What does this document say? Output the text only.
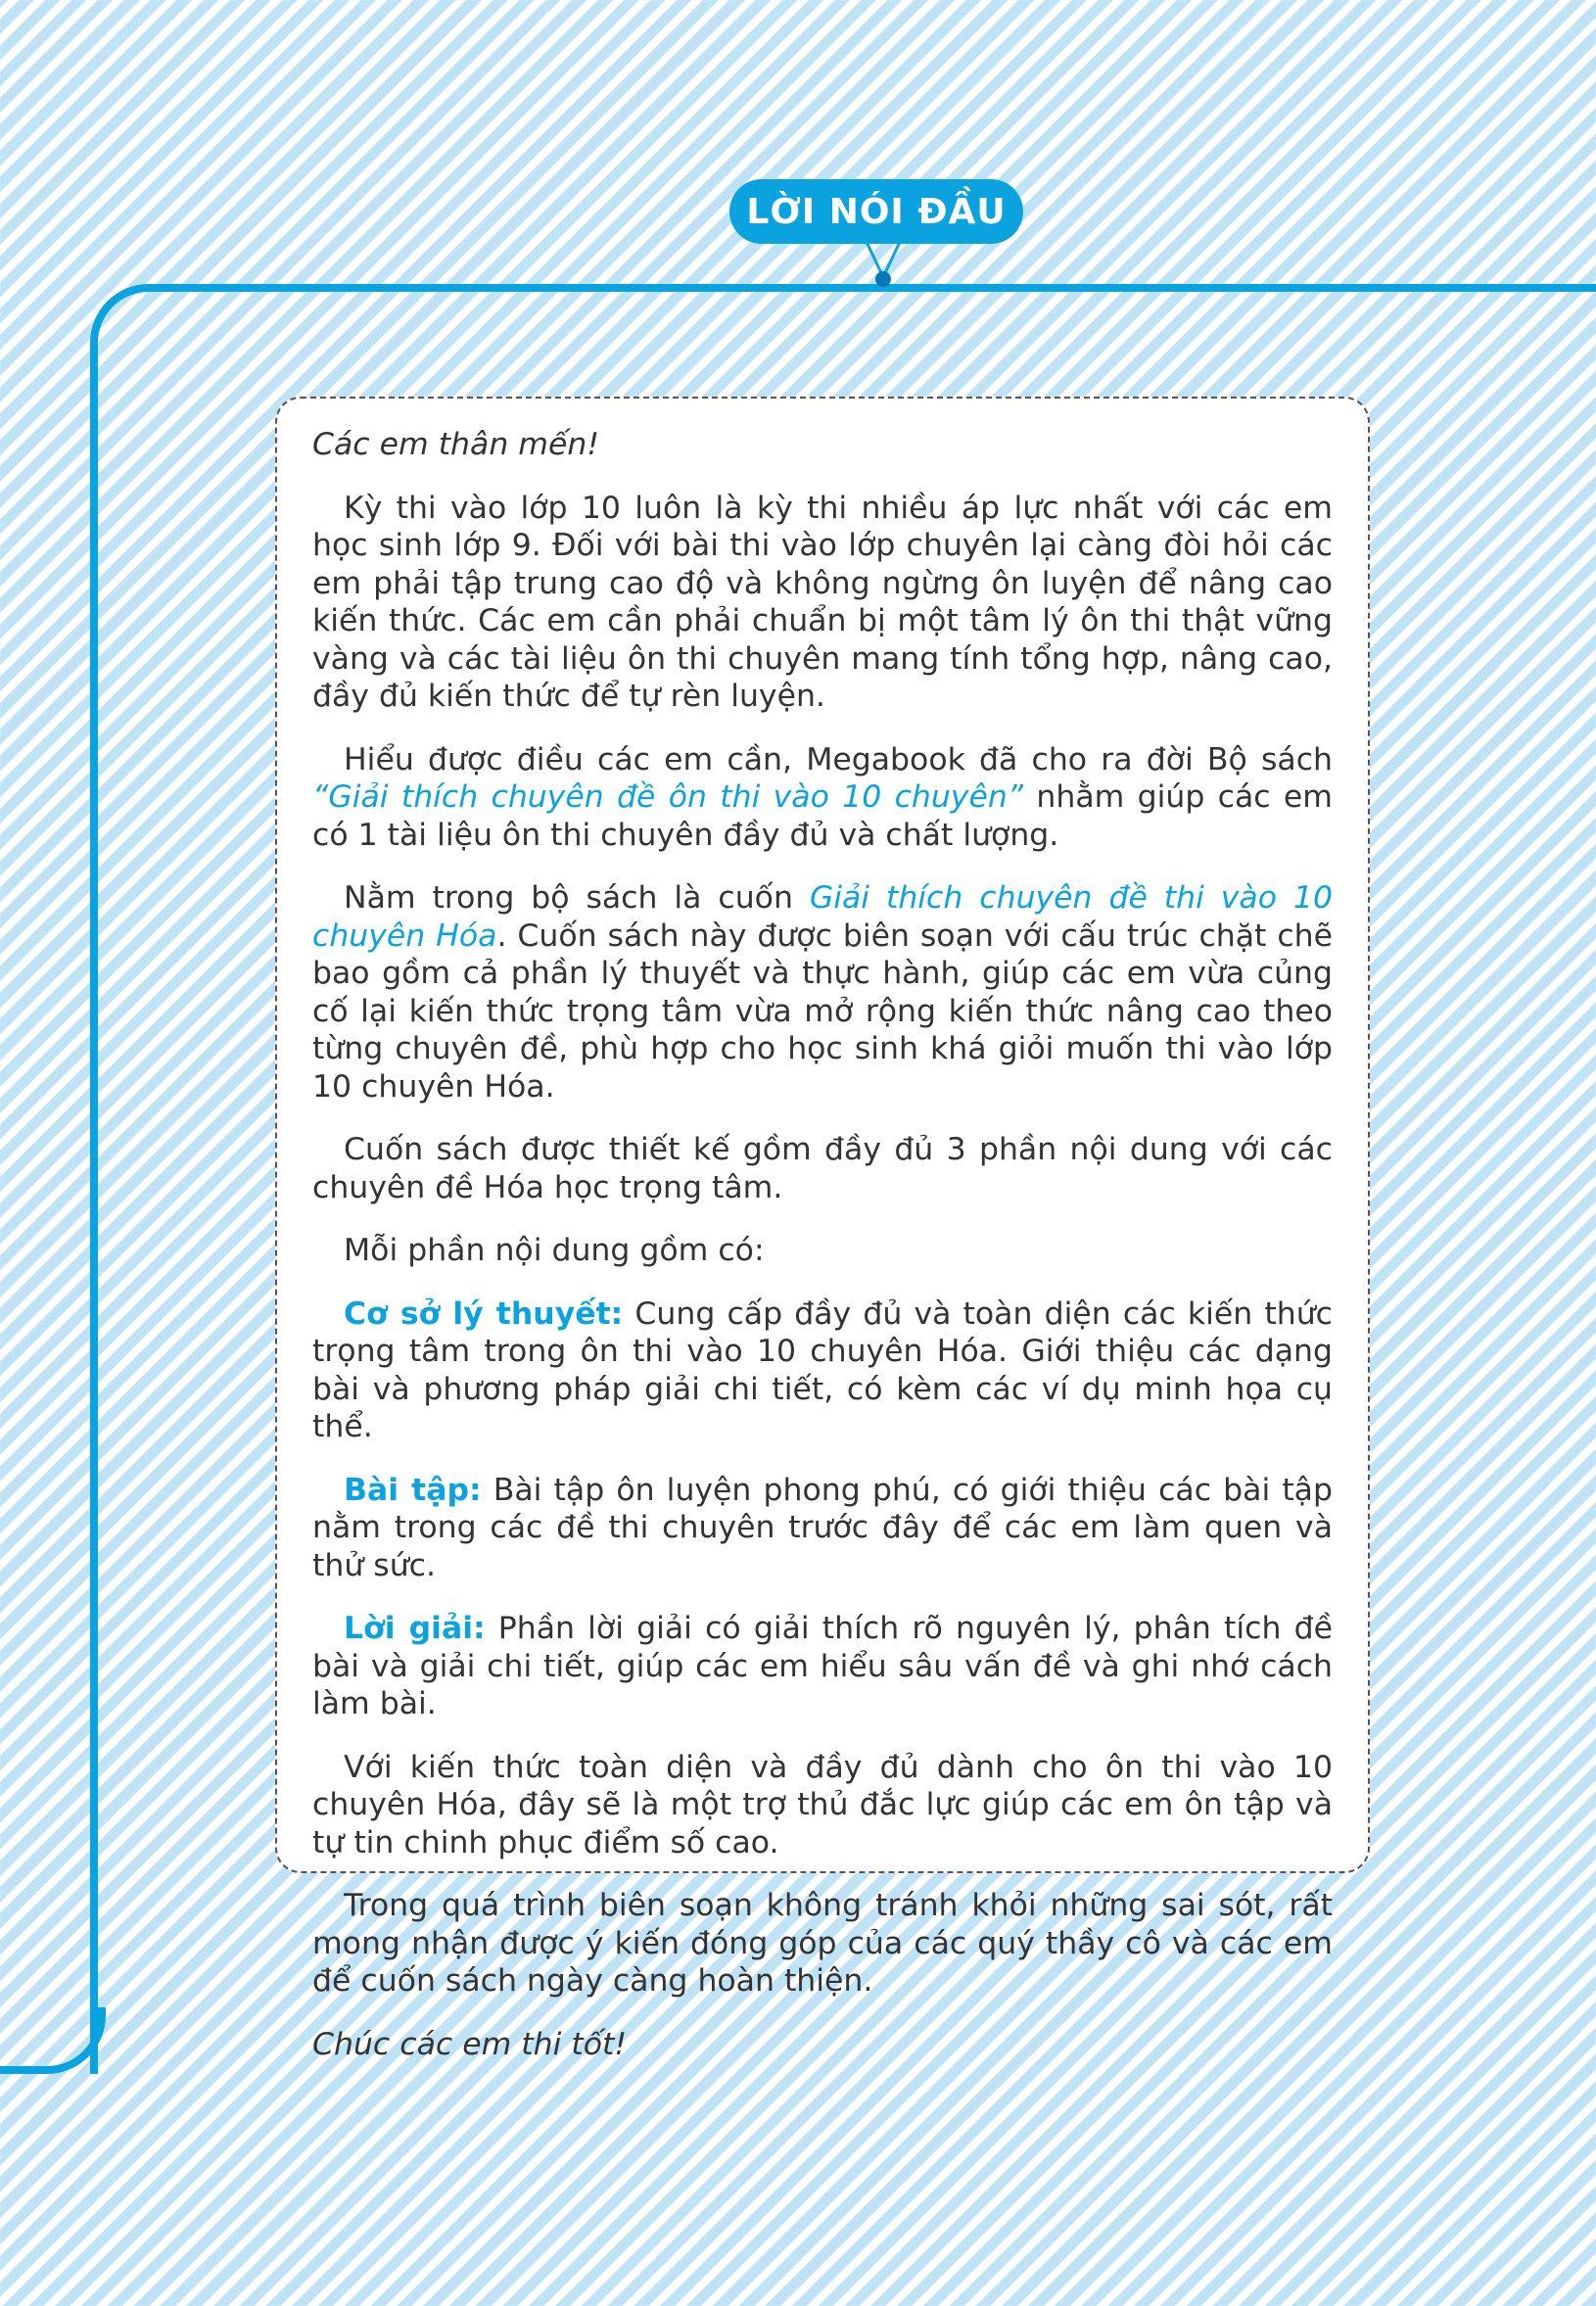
LỜI NÓI ĐẦU

Các em thân mến!

Kỳ thi vào lớp 10 luôn là kỳ thi nhiều áp lực nhất với các em học sinh lớp 9. Đối với bài thi vào lớp chuyên lại càng đòi hỏi các em phải tập trung cao độ và không ngừng ôn luyện để nâng cao kiến thức. Các em cần phải chuẩn bị một tâm lý ôn thi thật vững vàng và các tài liệu ôn thi chuyên mang tính tổng hợp, nâng cao, đầy đủ kiến thức để tự rèn luyện.

Hiểu được điều các em cần, Megabook đã cho ra đời Bộ sách “Giải thích chuyên đề ôn thi vào 10 chuyên” nhằm giúp các em có 1 tài liệu ôn thi chuyên đầy đủ và chất lượng.

Nằm trong bộ sách là cuốn Giải thích chuyên đề thi vào 10 chuyên Hóa. Cuốn sách này được biên soạn với cấu trúc chặt chẽ bao gồm cả phần lý thuyết và thực hành, giúp các em vừa củng cố lại kiến thức trọng tâm vừa mở rộng kiến thức nâng cao theo từng chuyên đề, phù hợp cho học sinh khá giỏi muốn thi vào lớp 10 chuyên Hóa.

Cuốn sách được thiết kế gồm đầy đủ 3 phần nội dung với các chuyên đề Hóa học trọng tâm.

Mỗi phần nội dung gồm có:

Cơ sở lý thuyết: Cung cấp đầy đủ và toàn diện các kiến thức trọng tâm trong ôn thi vào 10 chuyên Hóa. Giới thiệu các dạng bài và phương pháp giải chi tiết, có kèm các ví dụ minh họa cụ thể.

Bài tập: Bài tập ôn luyện phong phú, có giới thiệu các bài tập nằm trong các đề thi chuyên trước đây để các em làm quen và thử sức.

Lời giải: Phần lời giải có giải thích rõ nguyên lý, phân tích đề bài và giải chi tiết, giúp các em hiểu sâu vấn đề và ghi nhớ cách làm bài.

Với kiến thức toàn diện và đầy đủ dành cho ôn thi vào 10 chuyên Hóa, đây sẽ là một trợ thủ đắc lực giúp các em ôn tập và tự tin chinh phục điểm số cao.

Trong quá trình biên soạn không tránh khỏi những sai sót, rất mong nhận được ý kiến đóng góp của các quý thầy cô và các em để cuốn sách ngày càng hoàn thiện.

Chúc các em thi tốt!
